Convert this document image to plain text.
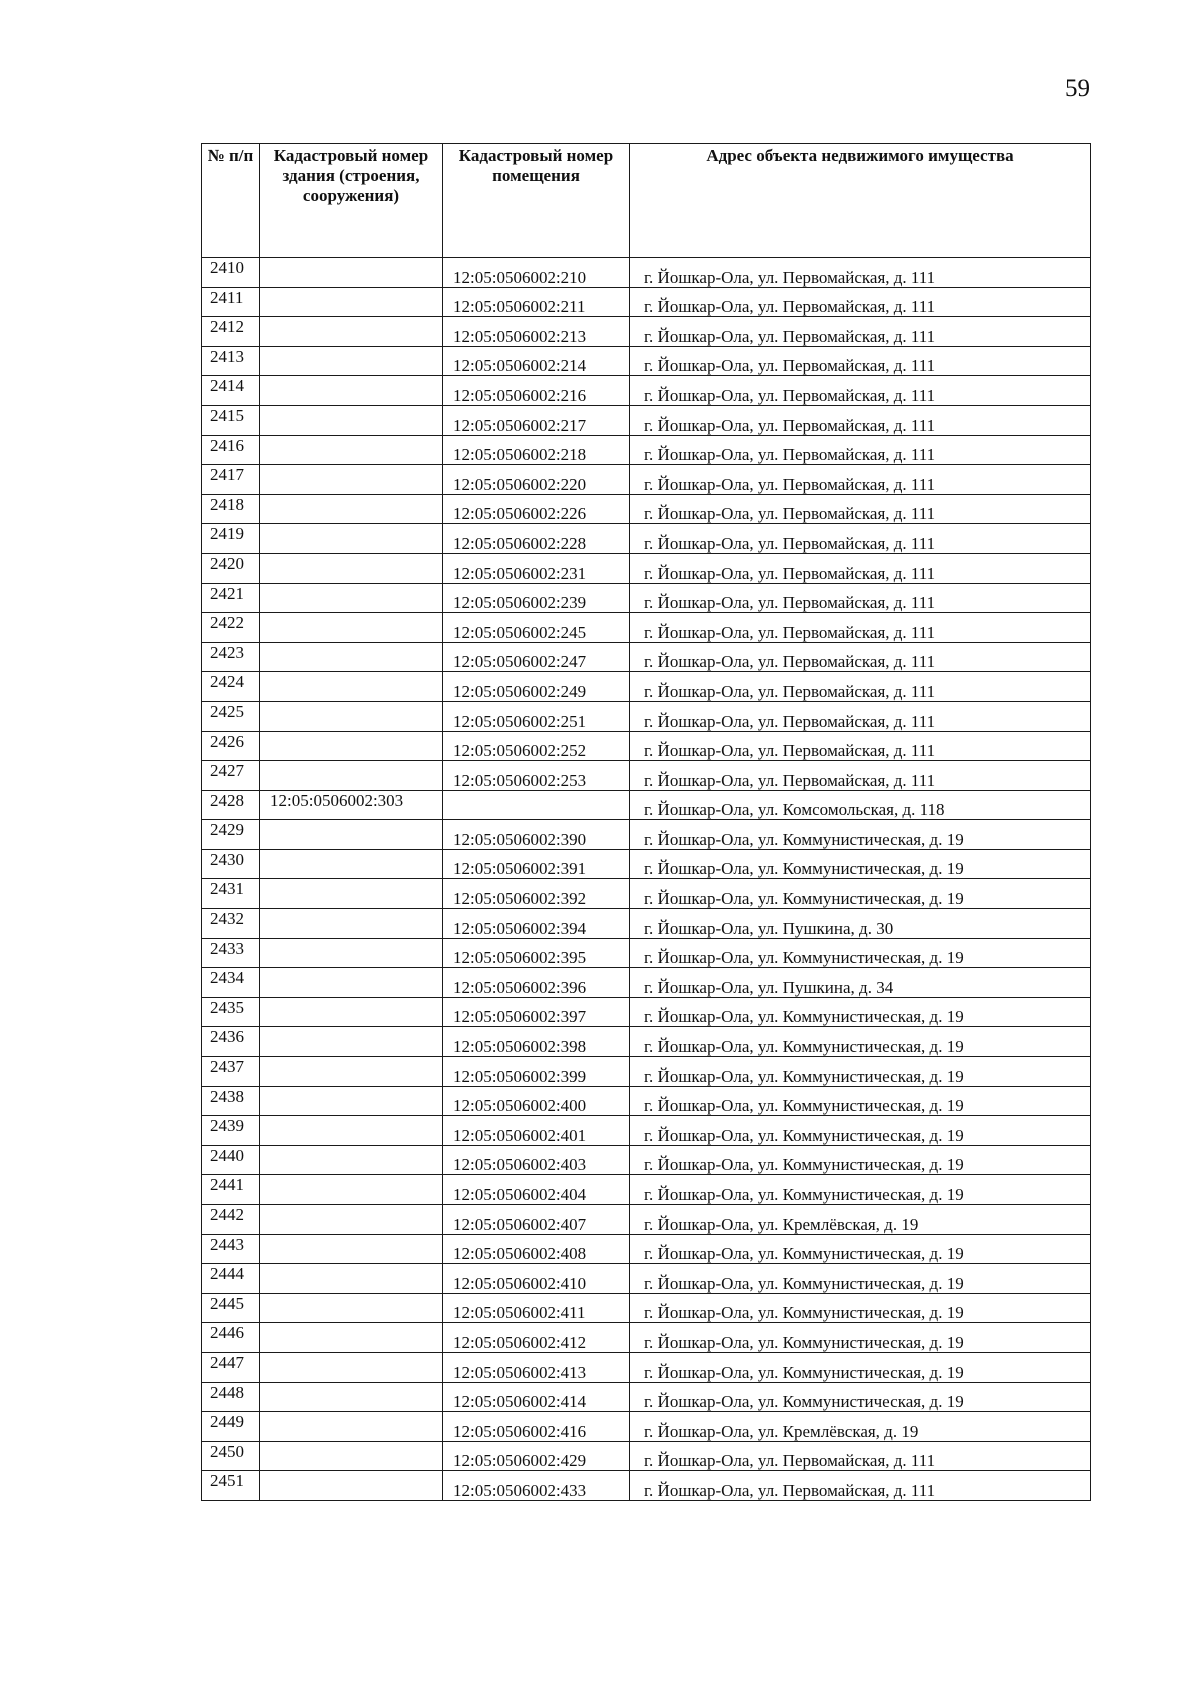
59
№ п/п	Кадастровый номер здания (строения, сооружения)	Кадастровый номер помещения	Адрес объекта недвижимого имущества
2410		12:05:0506002:210	г. Йошкар-Ола, ул. Первомайская, д. 111
2411		12:05:0506002:211	г. Йошкар-Ола, ул. Первомайская, д. 111
2412		12:05:0506002:213	г. Йошкар-Ола, ул. Первомайская, д. 111
2413		12:05:0506002:214	г. Йошкар-Ола, ул. Первомайская, д. 111
2414		12:05:0506002:216	г. Йошкар-Ола, ул. Первомайская, д. 111
2415		12:05:0506002:217	г. Йошкар-Ола, ул. Первомайская, д. 111
2416		12:05:0506002:218	г. Йошкар-Ола, ул. Первомайская, д. 111
2417		12:05:0506002:220	г. Йошкар-Ола, ул. Первомайская, д. 111
2418		12:05:0506002:226	г. Йошкар-Ола, ул. Первомайская, д. 111
2419		12:05:0506002:228	г. Йошкар-Ола, ул. Первомайская, д. 111
2420		12:05:0506002:231	г. Йошкар-Ола, ул. Первомайская, д. 111
2421		12:05:0506002:239	г. Йошкар-Ола, ул. Первомайская, д. 111
2422		12:05:0506002:245	г. Йошкар-Ола, ул. Первомайская, д. 111
2423		12:05:0506002:247	г. Йошкар-Ола, ул. Первомайская, д. 111
2424		12:05:0506002:249	г. Йошкар-Ола, ул. Первомайская, д. 111
2425		12:05:0506002:251	г. Йошкар-Ола, ул. Первомайская, д. 111
2426		12:05:0506002:252	г. Йошкар-Ола, ул. Первомайская, д. 111
2427		12:05:0506002:253	г. Йошкар-Ола, ул. Первомайская, д. 111
2428	12:05:0506002:303		г. Йошкар-Ола, ул. Комсомольская, д. 118
2429		12:05:0506002:390	г. Йошкар-Ола, ул. Коммунистическая, д. 19
2430		12:05:0506002:391	г. Йошкар-Ола, ул. Коммунистическая, д. 19
2431		12:05:0506002:392	г. Йошкар-Ола, ул. Коммунистическая, д. 19
2432		12:05:0506002:394	г. Йошкар-Ола, ул. Пушкина, д. 30
2433		12:05:0506002:395	г. Йошкар-Ола, ул. Коммунистическая, д. 19
2434		12:05:0506002:396	г. Йошкар-Ола, ул. Пушкина, д. 34
2435		12:05:0506002:397	г. Йошкар-Ола, ул. Коммунистическая, д. 19
2436		12:05:0506002:398	г. Йошкар-Ола, ул. Коммунистическая, д. 19
2437		12:05:0506002:399	г. Йошкар-Ола, ул. Коммунистическая, д. 19
2438		12:05:0506002:400	г. Йошкар-Ола, ул. Коммунистическая, д. 19
2439		12:05:0506002:401	г. Йошкар-Ола, ул. Коммунистическая, д. 19
2440		12:05:0506002:403	г. Йошкар-Ола, ул. Коммунистическая, д. 19
2441		12:05:0506002:404	г. Йошкар-Ола, ул. Коммунистическая, д. 19
2442		12:05:0506002:407	г. Йошкар-Ола, ул. Кремлёвская, д. 19
2443		12:05:0506002:408	г. Йошкар-Ола, ул. Коммунистическая, д. 19
2444		12:05:0506002:410	г. Йошкар-Ола, ул. Коммунистическая, д. 19
2445		12:05:0506002:411	г. Йошкар-Ола, ул. Коммунистическая, д. 19
2446		12:05:0506002:412	г. Йошкар-Ола, ул. Коммунистическая, д. 19
2447		12:05:0506002:413	г. Йошкар-Ола, ул. Коммунистическая, д. 19
2448		12:05:0506002:414	г. Йошкар-Ола, ул. Коммунистическая, д. 19
2449		12:05:0506002:416	г. Йошкар-Ола, ул. Кремлёвская, д. 19
2450		12:05:0506002:429	г. Йошкар-Ола, ул. Первомайская, д. 111
2451		12:05:0506002:433	г. Йошкар-Ола, ул. Первомайская, д. 111
